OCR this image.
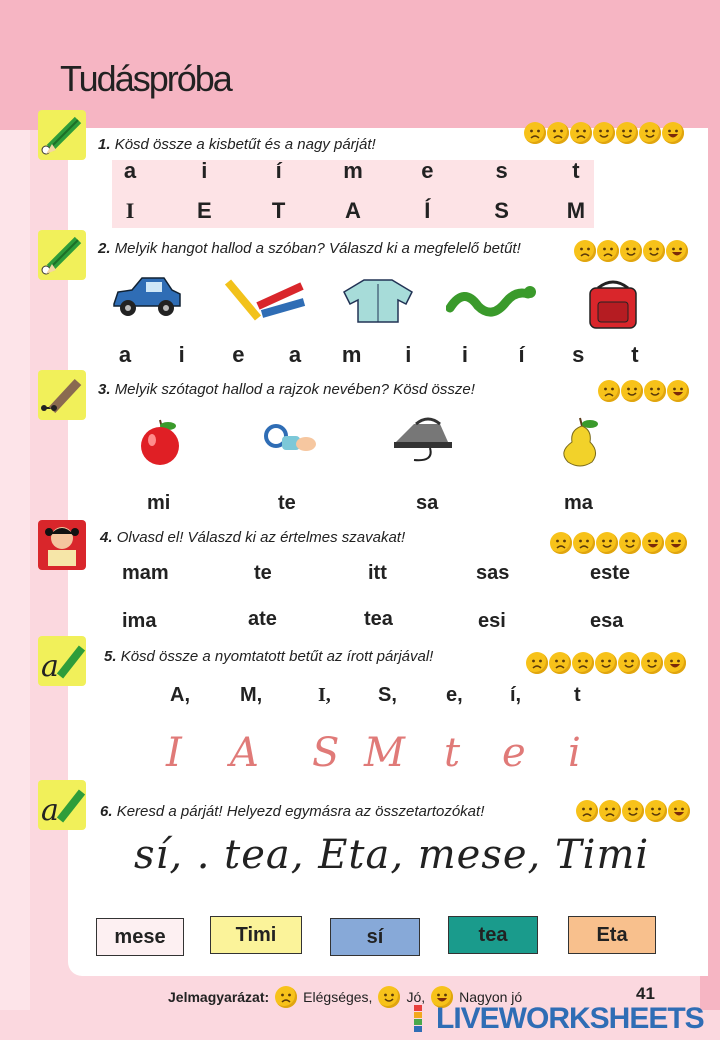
Tudáspróba
a
a
1. Kösd össze a kisbetűt és a nagy párját!
2. Melyik hangot hallod a szóban? Válaszd ki a megfelelő betűt!
3. Melyik szótagot hallod a rajzok nevében? Kösd össze!
4. Olvasd el! Válaszd ki az értelmes szavakat!
5. Kösd össze a nyomtatott betűt az írott párjával!
6. Keresd a párját! Helyezd egymásra az összetartozókat!
a	i	í	m	e	s	t
I	E	T	A	Í	S	M
a	i	e	a	m	i	i	í	s	t
mi	te	sa	ma
mam	te	itt	sas	este
ima	ate	tea	esi	esa
A,	M,	I, S, e, í,	t
I A S M t e i
sí, . tea, Eta, mese, Timi
mese	Timi	sí	tea	Eta
Jelmagyarázat: Elégséges, Jó, Nagyon jó	41
LIVEWORKSHEETS
